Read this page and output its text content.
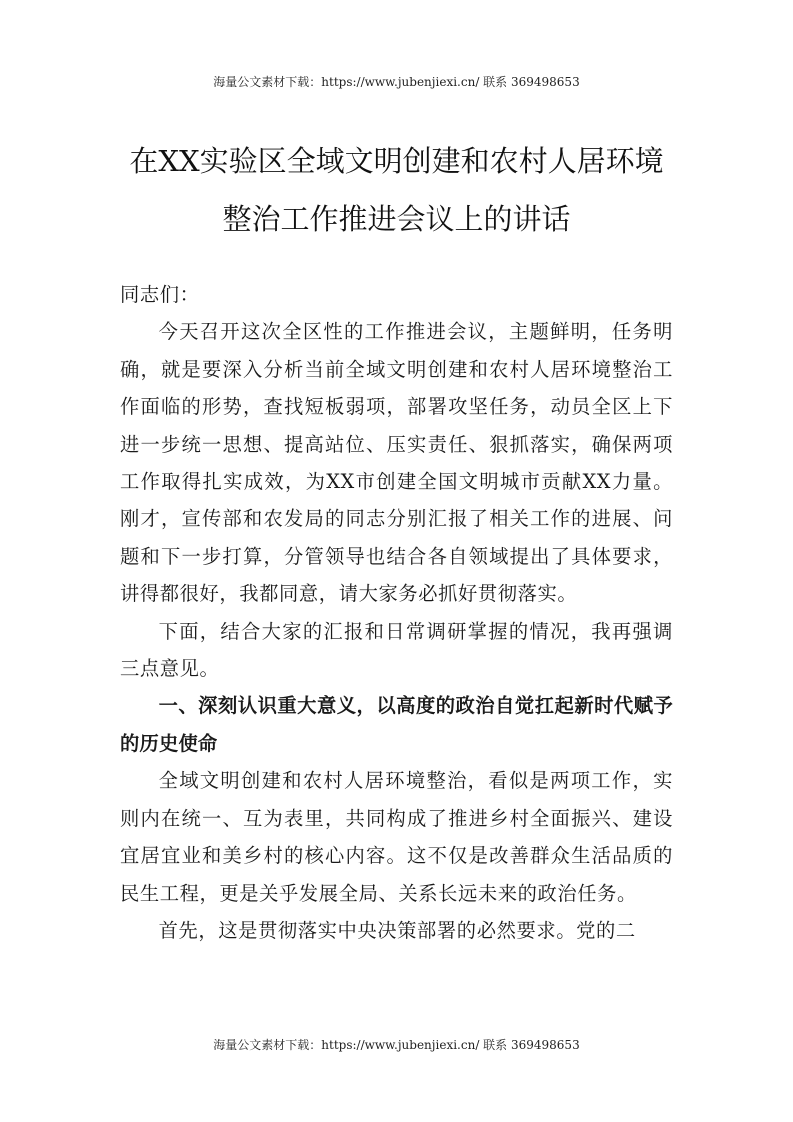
海量公文素材下载：https://www.jubenjiexi.cn/ 联系 369498653
在XX实验区全域文明创建和农村人居环境
整治工作推进会议上的讲话

同志们：

今天召开这次全区性的工作推进会议，主题鲜明，任务明确，就是要深入分析当前全域文明创建和农村人居环境整治工作面临的形势，查找短板弱项，部署攻坚任务，动员全区上下进一步统一思想、提高站位、压实责任、狠抓落实，确保两项工作取得扎实成效，为XX市创建全国文明城市贡献XX力量。刚才，宣传部和农发局的同志分别汇报了相关工作的进展、问题和下一步打算，分管领导也结合各自领域提出了具体要求，讲得都很好，我都同意，请大家务必抓好贯彻落实。

下面，结合大家的汇报和日常调研掌握的情况，我再强调三点意见。

一、深刻认识重大意义，以高度的政治自觉扛起新时代赋予的历史使命

全域文明创建和农村人居环境整治，看似是两项工作，实则内在统一、互为表里，共同构成了推进乡村全面振兴、建设宜居宜业和美乡村的核心内容。这不仅是改善群众生活品质的民生工程，更是关乎发展全局、关系长远未来的政治任务。

首先，这是贯彻落实中央决策部署的必然要求。党的二

海量公文素材下载：https://www.jubenjiexi.cn/ 联系 369498653
